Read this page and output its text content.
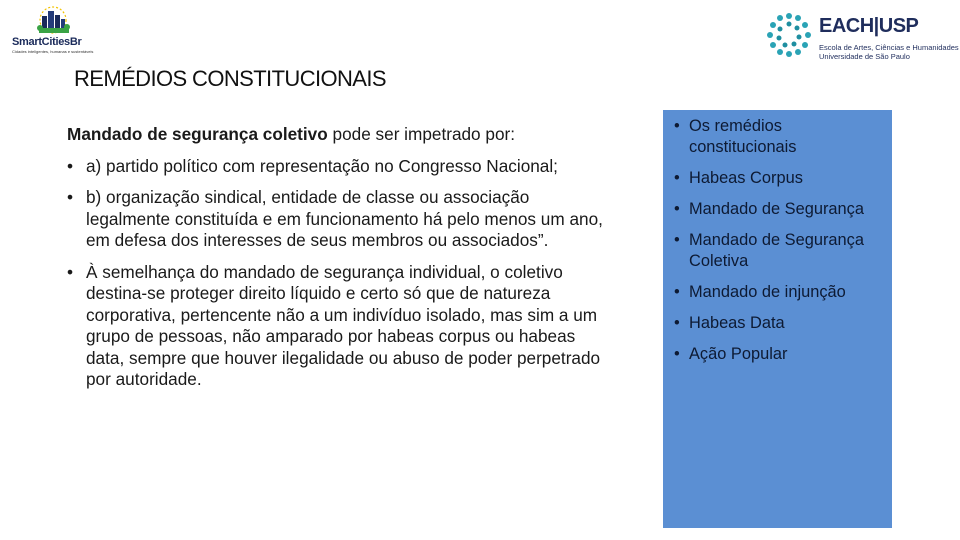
SmartCitiesBr
Cidades inteligentes, humanas e sustentáveis
EACH|USP
Escola de Artes, Ciências e Humanidades
Universidade de São Paulo
REMÉDIOS CONSTITUCIONAIS

Mandado de segurança coletivo pode ser impetrado por:

• a) partido político com representação no Congresso Nacional;
• b) organização sindical, entidade de classe ou associação legalmente constituída e em funcionamento há pelo menos um ano, em defesa dos interesses de seus membros ou associados”.
• À semelhança do mandado de segurança individual, o coletivo destina-se proteger direito líquido e certo só que de natureza corporativa, pertencente não a um indivíduo isolado, mas sim a um grupo de pessoas, não amparado por habeas corpus ou habeas data, sempre que houver ilegalidade ou abuso de poder perpetrado por autoridade.
• Os remédios constitucionais
• Habeas Corpus
• Mandado de Segurança
• Mandado de Segurança Coletiva
• Mandado de injunção
• Habeas Data
• Ação Popular
